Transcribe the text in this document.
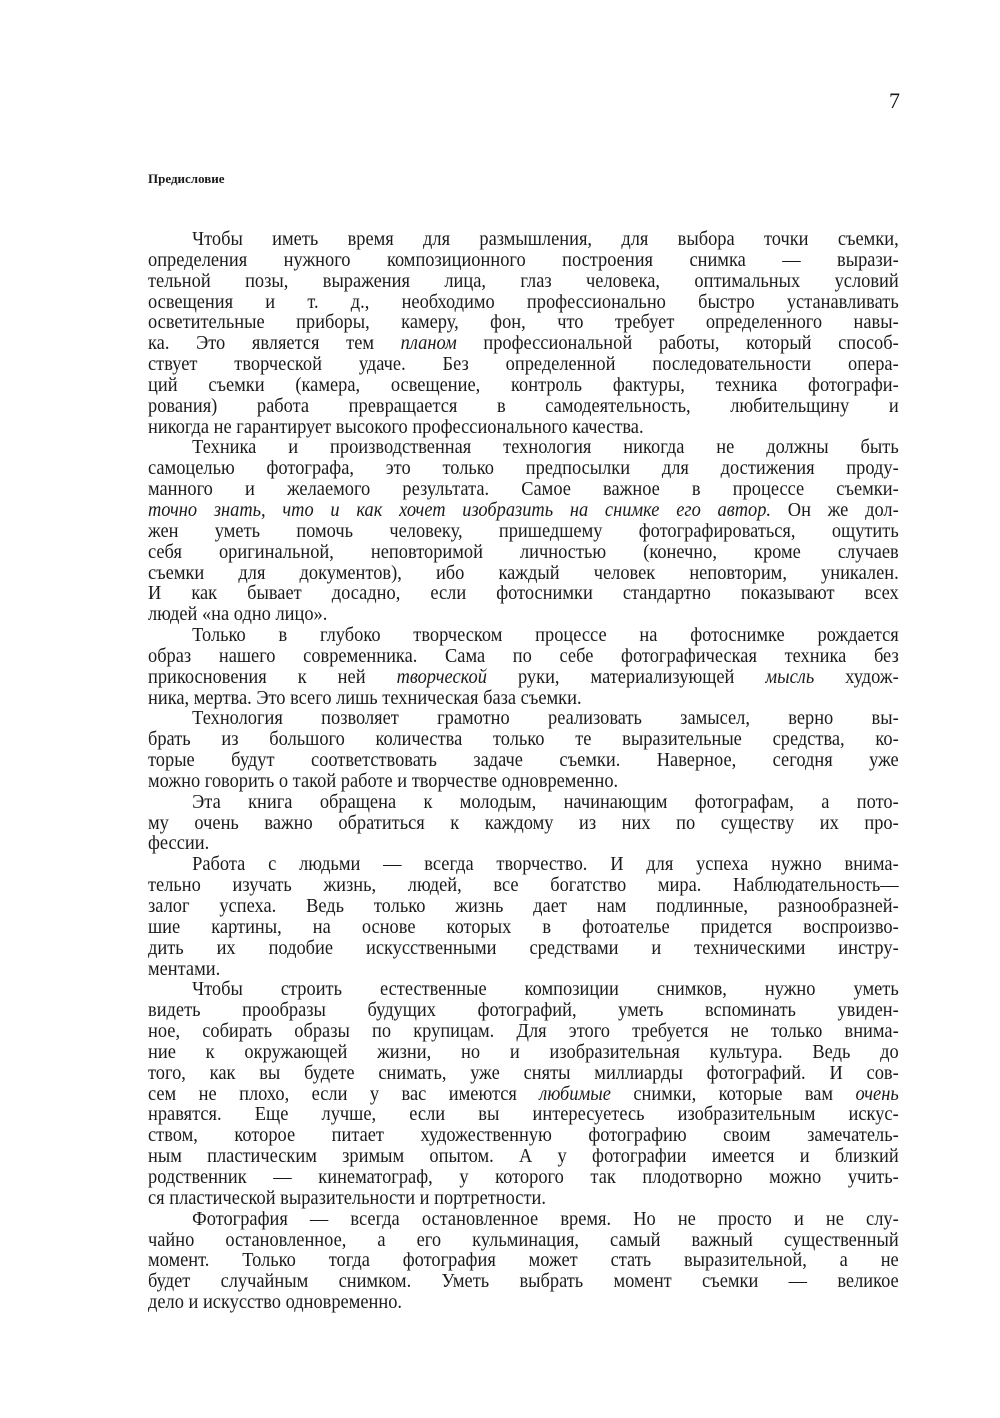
7
Предисловие
Чтобы иметь время для размышления, для выбора точки съемки,
определения нужного композиционного построения снимка — вырази-
тельной позы, выражения лица, глаз человека, оптимальных условий
освещения и т. д., необходимо профессионально быстро устанавливать
осветительные приборы, камеру, фон, что требует определенного навы-
ка. Это является тем планом профессиональной работы, который способ-
ствует творческой удаче. Без определенной последовательности опера-
ций съемки (камера, освещение, контроль фактуры, техника фотографи-
рования) работа превращается в самодеятельность, любительщину и
никогда не гарантирует высокого профессионального качества.
Техника и производственная технология никогда не должны быть
самоцелью фотографа, это только предпосылки для достижения проду-
манного и желаемого результата. Самое важное в процессе съемки-
точно знать, что и как хочет изобразить на снимке его автор. Он же дол-
жен уметь помочь человеку, пришедшему фотографироваться, ощутить
себя оригинальной, неповторимой личностью (конечно, кроме случаев
съемки для документов), ибо каждый человек неповторим, уникален.
И как бывает досадно, если фотоснимки стандартно показывают всех
людей «на одно лицо».
Только в глубоко творческом процессе на фотоснимке рождается
образ нашего современника. Сама по себе фотографическая техника без
прикосновения к ней творческой руки, материализующей мысль худож-
ника, мертва. Это всего лишь техническая база съемки.
Технология позволяет грамотно реализовать замысел, верно вы-
брать из большого количества только те выразительные средства, ко-
торые будут соответствовать задаче съемки. Наверное, сегодня уже
можно говорить о такой работе и творчестве одновременно.
Эта книга обращена к молодым, начинающим фотографам, а пото-
му очень важно обратиться к каждому из них по существу их про-
фессии.
Работа с людьми — всегда творчество. И для успеха нужно внима-
тельно изучать жизнь, людей, все богатство мира. Наблюдательность—
залог успеха. Ведь только жизнь дает нам подлинные, разнообразней-
шие картины, на основе которых в фотоателье придется воспроизво-
дить их подобие искусственными средствами и техническими инстру-
ментами.
Чтобы строить естественные композиции снимков, нужно уметь
видеть прообразы будущих фотографий, уметь вспоминать увиден-
ное, собирать образы по крупицам. Для этого требуется не только внима-
ние к окружающей жизни, но и изобразительная культура. Ведь до
того, как вы будете снимать, уже сняты миллиарды фотографий. И сов-
сем не плохо, если у вас имеются любимые снимки, которые вам очень
нравятся. Еще лучше, если вы интересуетесь изобразительным искус-
ством, которое питает художественную фотографию своим замечатель-
ным пластическим зримым опытом. А у фотографии имеется и близкий
родственник — кинематограф, у которого так плодотворно можно учить-
ся пластической выразительности и портретности.
Фотография — всегда остановленное время. Но не просто и не слу-
чайно остановленное, а его кульминация, самый важный существенный
момент. Только тогда фотография может стать выразительной, а не
будет случайным снимком. Уметь выбрать момент съемки — великое
дело и искусство одновременно.
